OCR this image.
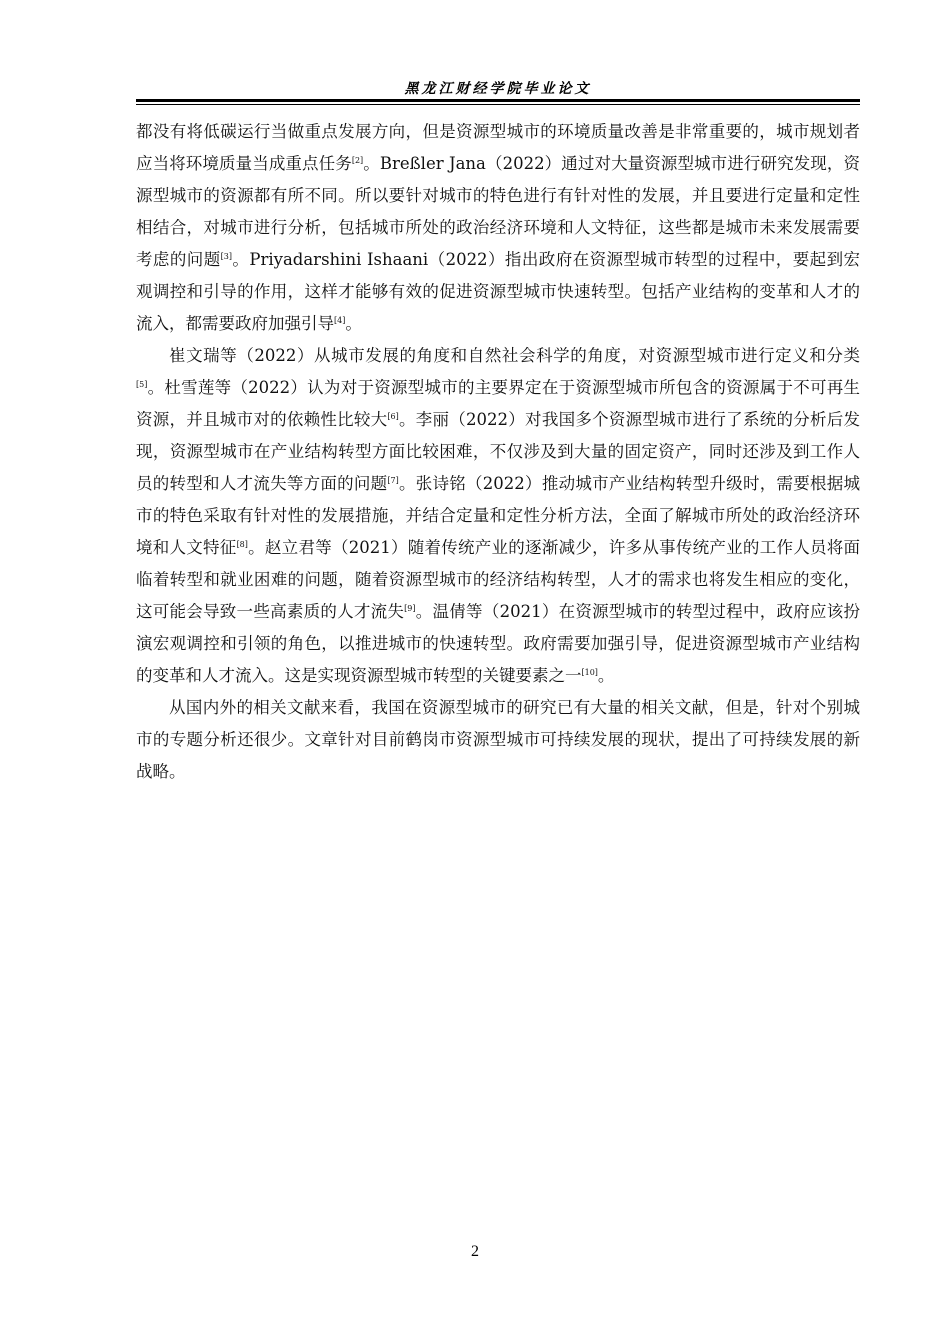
黑龙江财经学院毕业论文

都没有将低碳运行当做重点发展方向，但是资源型城市的环境质量改善是非常重要的，城市规划者应当将环境质量当成重点任务[2]。Breßler Jana（2022）通过对大量资源型城市进行研究发现，资源型城市的资源都有所不同。所以要针对城市的特色进行有针对性的发展，并且要进行定量和定性相结合，对城市进行分析，包括城市所处的政治经济环境和人文特征，这些都是城市未来发展需要考虑的问题[3]。Priyadarshini Ishaani（2022）指出政府在资源型城市转型的过程中，要起到宏观调控和引导的作用，这样才能够有效的促进资源型城市快速转型。包括产业结构的变革和人才的流入，都需要政府加强引导[4]。

崔文瑞等（2022）从城市发展的角度和自然社会科学的角度，对资源型城市进行定义和分类[5]。杜雪莲等（2022）认为对于资源型城市的主要界定在于资源型城市所包含的资源属于不可再生资源，并且城市对的依赖性比较大[6]。李丽（2022）对我国多个资源型城市进行了系统的分析后发现，资源型城市在产业结构转型方面比较困难，不仅涉及到大量的固定资产，同时还涉及到工作人员的转型和人才流失等方面的问题[7]。张诗铭（2022）推动城市产业结构转型升级时，需要根据城市的特色采取有针对性的发展措施，并结合定量和定性分析方法，全面了解城市所处的政治经济环境和人文特征[8]。赵立君等（2021）随着传统产业的逐渐减少，许多从事传统产业的工作人员将面临着转型和就业困难的问题，随着资源型城市的经济结构转型，人才的需求也将发生相应的变化，这可能会导致一些高素质的人才流失[9]。温倩等（2021）在资源型城市的转型过程中，政府应该扮演宏观调控和引领的角色，以推进城市的快速转型。政府需要加强引导，促进资源型城市产业结构的变革和人才流入。这是实现资源型城市转型的关键要素之一[10]。

从国内外的相关文献来看，我国在资源型城市的研究已有大量的相关文献，但是，针对个别城市的专题分析还很少。文章针对目前鹤岗市资源型城市可持续发展的现状，提出了可持续发展的新战略。

2
